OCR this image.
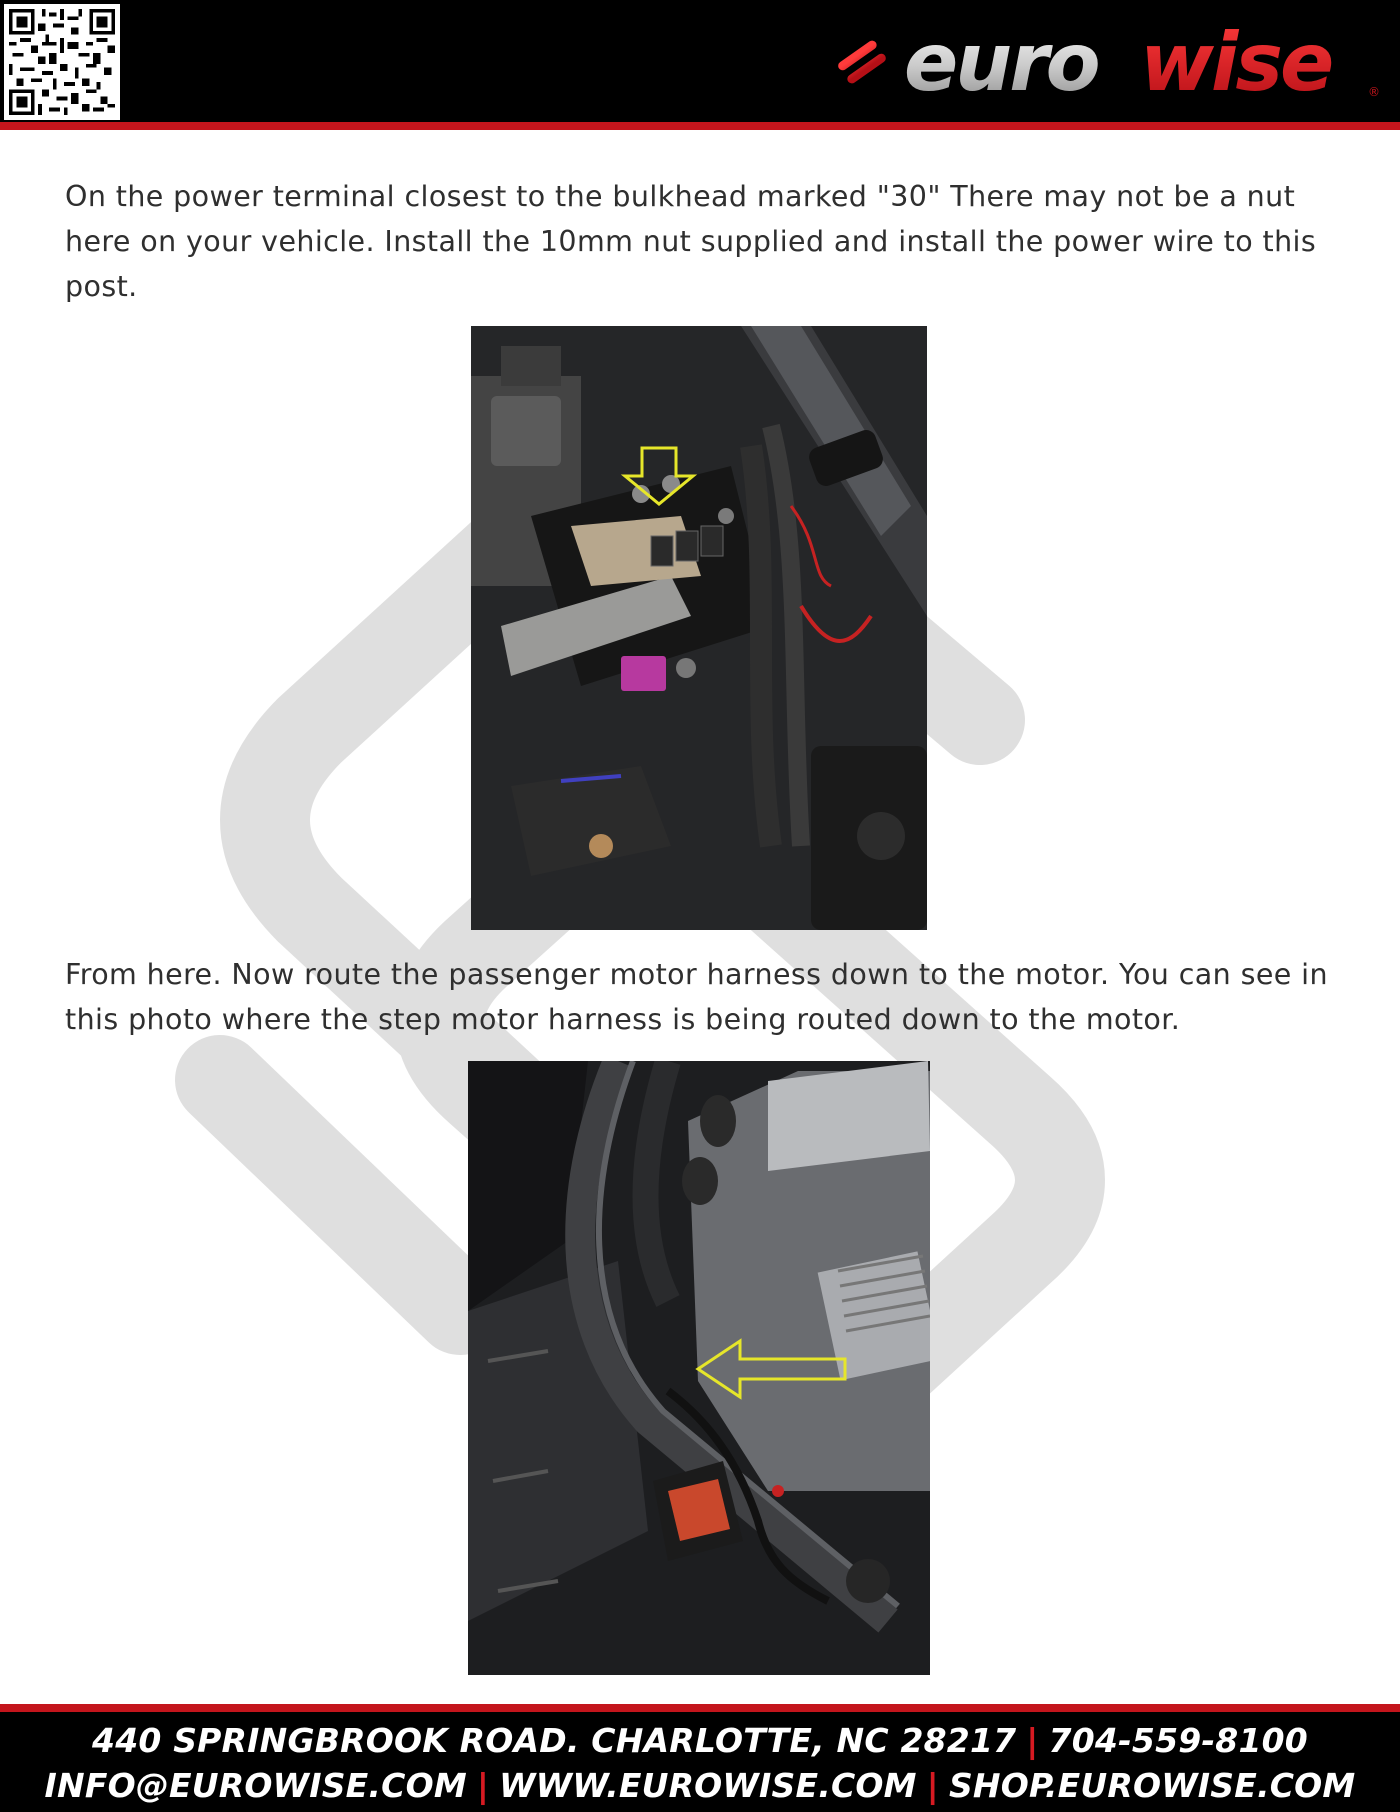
euro wise	®

On the power terminal closest to the bulkhead marked "30" There may not be a nut here on your vehicle. Install the 10mm nut supplied and install the power wire to this post.

From here. Now route the passenger motor harness down to the motor. You can see in this photo where the step motor harness is being routed down to the motor.

440 SPRINGBROOK ROAD. CHARLOTTE, NC 28217 | 704-559-8100
INFO@EUROWISE.COM | WWW.EUROWISE.COM | SHOP.EUROWISE.COM
